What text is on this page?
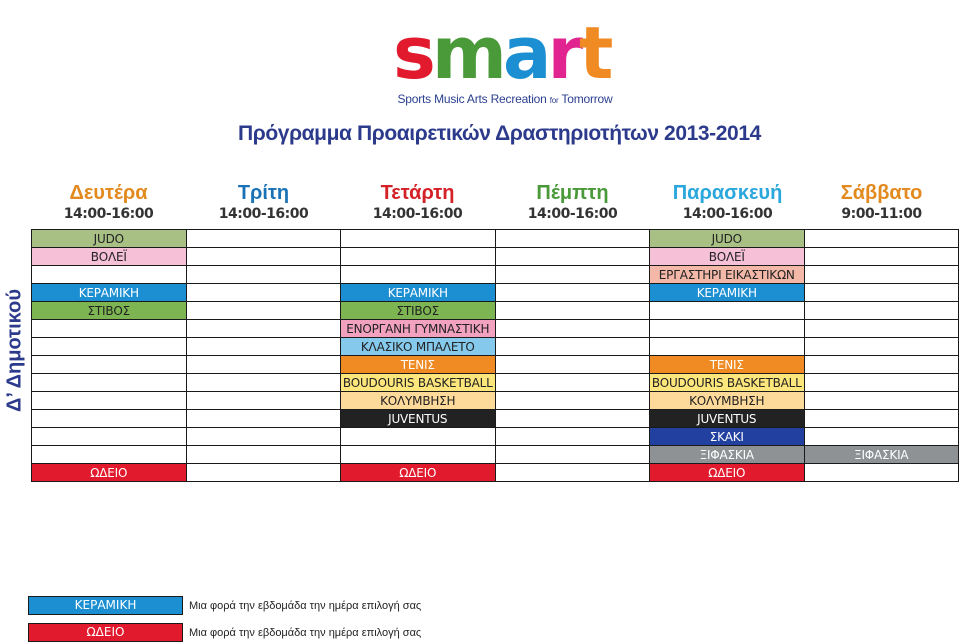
smart
Sports Music Arts Recreation for Tomorrow
Πρόγραμμα Προαιρετικών Δραστηριοτήτων 2013-2014
Δευτέρα
14:00-16:00
Τρίτη
14:00-16:00
Τετάρτη
14:00-16:00
Πέμπτη
14:00-16:00
Παρασκευή
14:00-16:00
Σάββατο
9:00-11:00
Δ’ Δημοτικού
JUDO				JUDO	
ΒΟΛΕΪ				ΒΟΛΕΪ	
				ΕΡΓΑΣΤΗΡΙ ΕΙΚΑΣΤΙΚΩΝ	
ΚΕΡΑΜΙΚΗ		ΚΕΡΑΜΙΚΗ		ΚΕΡΑΜΙΚΗ	
ΣΤΙΒΟΣ		ΣΤΙΒΟΣ			
		ΕΝΟΡΓΑΝΗ ΓΥΜΝΑΣΤΙΚΗ			
		ΚΛΑΣΙΚΟ ΜΠΑΛΕΤΟ			
		ΤΕΝΙΣ		ΤΕΝΙΣ	
		BOUDOURIS BASKETBALL		BOUDOURIS BASKETBALL	
		ΚΟΛΥΜΒΗΣΗ		ΚΟΛΥΜΒΗΣΗ	
		JUVENTUS		JUVENTUS	
				ΣΚΑΚΙ	
				ΞΙΦΑΣΚΙΑ	ΞΙΦΑΣΚΙΑ
ΩΔΕΙΟ		ΩΔΕΙΟ		ΩΔΕΙΟ	
ΚΕΡΑΜΙΚΗ	Μια φορά την εβδομάδα την ημέρα επιλογή σας
ΩΔΕΙΟ	Μια φορά την εβδομάδα την ημέρα επιλογή σας
